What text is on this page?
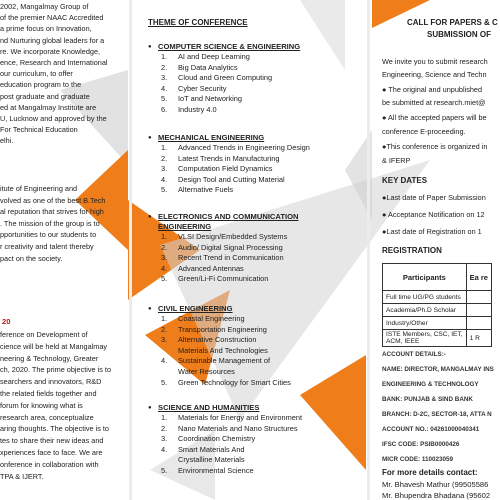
2002, Mangalmay Group of
of the premier NAAC Accredited
a prime focus on Innovation,
nd Nurturing global leaders for a
re. We incorporate Knowledge,
ence, Research and International
our curriculum, to offer
education program to the
post graduate and graduate
ed at Mangalmay Institute are
U, Lucknow and approved by the
For Technical Education
elhi.
itute of Engineering and
volved as one of the best B.Tech
al reputation that strives for high
. The mission of the group is to
pportunities to our students to
r creativity and talent thereby
pact on the society.
20
ference on Development of
cience will be held at Mangalmay
neering & Technology, Greater
ch, 2020. The prime objective is to
searchers and innovators, R&D
the related fields together and
forum for knowing what is
research area, conceptualize
aring thoughts. The objective is to
tes to share their new ideas and
xperiences face to face. We are
onference in collaboration with
TPA & IJERT.
THEME OF CONFERENCE
● COMPUTER SCIENCE & ENGINEERING
AI and Deep Learning
Big Data Analytics
Cloud and Green Computing
Cyber Security
IoT and Networking
Industry 4.0
● MECHANICAL ENGINEERING
Advanced Trends in Engineering Design
Latest Trends in Manufacturing
Computation Field Dynamics
Design Tool and Cutting Material
Alternative Fuels
● ELECTRONICS AND COMMUNICATION
ENGINEERING
VLSI Design/Embedded Systems
Audio/ Digital Signal Processing
Recent Trend in Communication
Advanced Antennas
Green/Li-Fi Communication
● CIVIL ENGINEERING
Coastal Engineering
Transportation Engineering
Alternative Construction
Materials And Technologies
Sustainable Management of
Water Resources
Green Technology for Smart Cities
● SCIENCE AND HUMANITIES
Materials for Energy and Environment
Nano Materials and Nano Structures
Coordination Chemistry
Smart Materials And
Crystalline Materials
Environmental Science
CALL FOR PAPERS & C
SUBMISSION OF
We invite you to submit research
Engineering, Science and Techn
● The original and unpublished
be submitted at research.miet@
● All the accepted papers will be
conference E-proceeding.
●This conference is organized in
& IFERP
KEY DATES
●Last date of Paper Submission
● Acceptance Notification on 12
●Last date of Registration on 1
REGISTRATION
Participants	Ea re
Full time UG/PG students	
Academia/Ph.D Scholar	
Industry/Other	
ISTE Members, CSC, IET,
ACM, IEEE	1 R
ACCOUNT DETAILS:-
NAME: DIRECTOR, MANGALMAY INS
ENGINEERING & TECHNOLOGY
BANK: PUNJAB & SIND BANK
BRANCH: D-2C, SECTOR-18, ATTA N
ACCOUNT NO.: 04261000040341
IFSC CODE: PSIB0000426
MICR CODE: 110023059
For more details contact:
Mr. Bhavesh Mathur (99505586
Mr. Bhupendra Bhadana (95602
